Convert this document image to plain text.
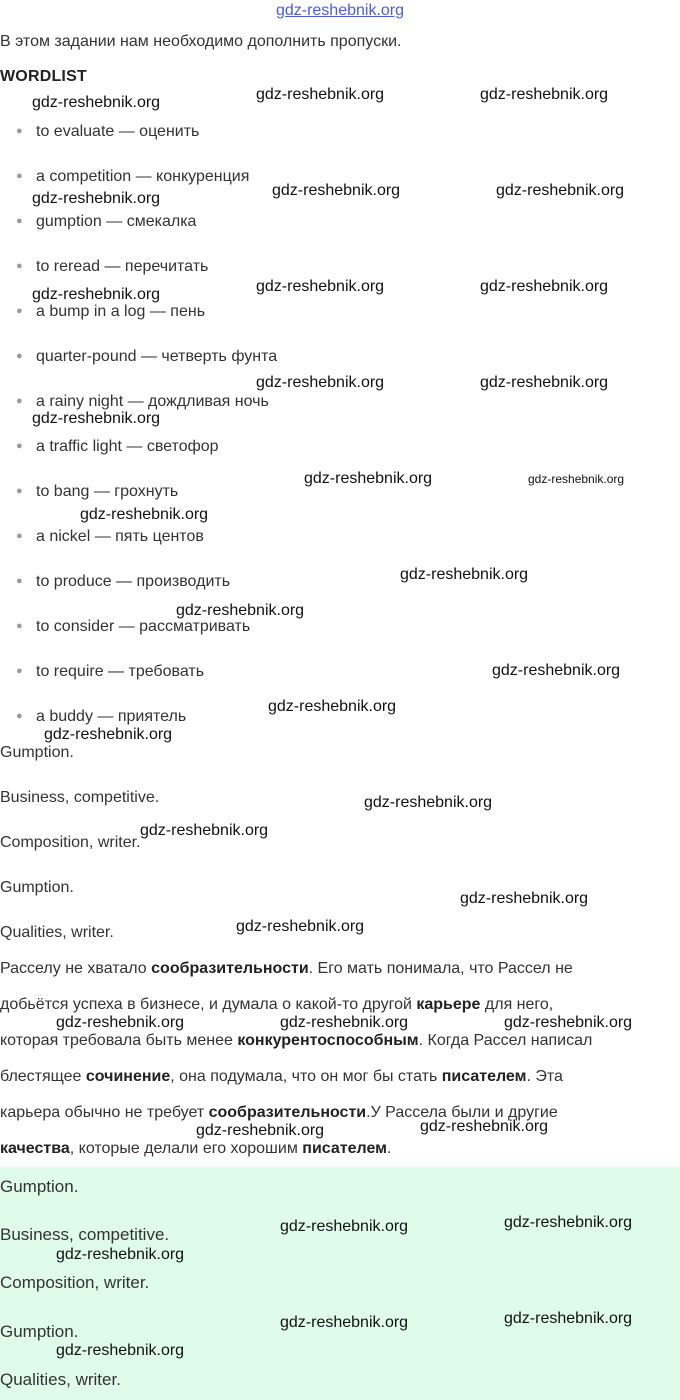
gdz-reshebnik.org
В этом задании нам необходимо дополнить пропуски.
WORDLIST
● to evaluate — оценить
● a competition — конкуренция
● gumption — смекалка
● to reread — перечитать
● a bump in a log — пень
● quarter-pound — четверть фунта
● a rainy night — дождливая ночь
● a traffic light — светофор
● to bang — грохнуть
● a nickel — пять центов
● to produce — производить
● to consider — рассматривать
● to require — требовать
● a buddy — приятель
Gumption.
Business, competitive.
Composition, writer.
Gumption.
Qualities, writer.
Расселу не хватало сообразительности. Его мать понимала, что Рассел не
добьётся успеха в бизнесе, и думала о какой-то другой карьере для него,
которая требовала быть менее конкурентоспособным. Когда Рассел написал
блестящее сочинение, она подумала, что он мог бы стать писателем. Эта
карьера обычно не требует сообразительности.У Рассела были и другие
качества, которые делали его хорошим писателем.
Gumption.
Business, competitive.
Composition, writer.
Gumption.
Qualities, writer.
gdz-reshebnik.org	gdz-reshebnik.org	gdz-reshebnik.org
gdz-reshebnik.org	gdz-reshebnik.org	gdz-reshebnik.org
gdz-reshebnik.org	gdz-reshebnik.org	gdz-reshebnik.org
gdz-reshebnik.org	gdz-reshebnik.org
gdz-reshebnik.org
gdz-reshebnik.org	gdz-reshebnik.org
gdz-reshebnik.org
gdz-reshebnik.org
gdz-reshebnik.org
gdz-reshebnik.org
gdz-reshebnik.org
gdz-reshebnik.org
gdz-reshebnik.org
gdz-reshebnik.org
gdz-reshebnik.org
gdz-reshebnik.org
gdz-reshebnik.org	gdz-reshebnik.org	gdz-reshebnik.org
gdz-reshebnik.org	gdz-reshebnik.org
gdz-reshebnik.org	gdz-reshebnik.org
gdz-reshebnik.org
gdz-reshebnik.org	gdz-reshebnik.org
gdz-reshebnik.org
